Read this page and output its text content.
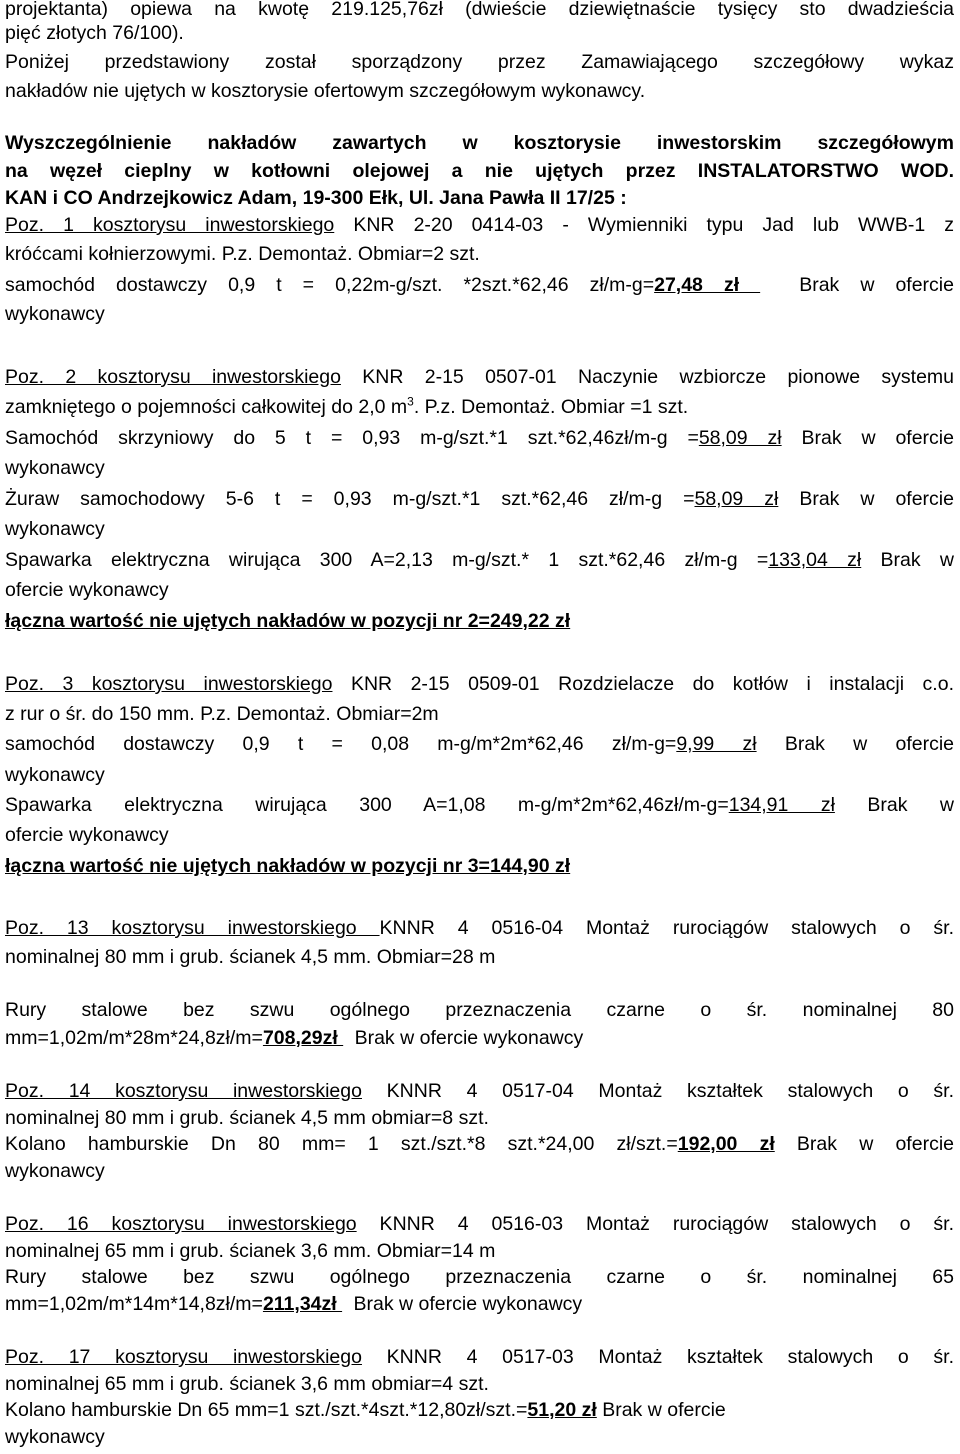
projektanta) opiewa na kwotę 219.125,76zł (dwieście dziewiętnaście tysięcy sto dwadzieścia
pięć złotych 76/100).
Poniżej przedstawiony został sporządzony przez Zamawiającego szczegółowy wykaz
nakładów nie ujętych w kosztorysie ofertowym szczegółowym wykonawcy.
Wyszczególnienie nakładów zawartych w kosztorysie inwestorskim szczegółowym
na węzeł cieplny w kotłowni olejowej a nie ujętych przez INSTALATORSTWO WOD.
KAN i CO Andrzejkowicz Adam, 19-300 Ełk, Ul. Jana Pawła II 17/25 :
Poz. 1 kosztorysu inwestorskiego KNR 2-20 0414-03 - Wymienniki typu Jad lub WWB-1 z
króćcami kołnierzowymi. P.z. Demontaż. Obmiar=2 szt.
samochód dostawczy 0,9 t = 0,22m-g/szt. *2szt.*62,46 zł/m-g=27,48 zł  Brak w ofercie
wykonawcy
Poz. 2 kosztorysu inwestorskiego KNR 2-15 0507-01 Naczynie wzbiorcze pionowe systemu
zamkniętego o pojemności całkowitej do 2,0 $m^3$. P.z. Demontaż. Obmiar =1 szt.
Samochód skrzyniowy do 5 t = 0,93 m-g/szt.*1 szt.*62,46zł/m-g =58,09 zł Brak w ofercie
wykonawcy
Żuraw samochodowy 5-6 t = 0,93 m-g/szt.*1 szt.*62,46 zł/m-g =58,09 zł Brak w ofercie
wykonawcy
Spawarka elektryczna wirująca 300 A=2,13 m-g/szt.* 1 szt.*62,46 zł/m-g =133,04 zł Brak w
ofercie wykonawcy
łączna wartość nie ujętych nakładów w pozycji nr 2=249,22 zł
Poz. 3 kosztorysu inwestorskiego KNR 2-15 0509-01 Rozdzielacze do kotłów i instalacji c.o.
z rur o śr. do 150 mm. P.z. Demontaż. Obmiar=2m
samochód dostawczy 0,9 t = 0,08 m-g/m*2m*62,46 zł/m-g=9,99 zł Brak w ofercie
wykonawcy
Spawarka elektryczna wirująca 300 A=1,08 m-g/m*2m*62,46zł/m-g=134,91 zł Brak w
ofercie wykonawcy
łączna wartość nie ujętych nakładów w pozycji nr 3=144,90 zł
Poz. 13 kosztorysu inwestorskiego KNNR 4 0516-04 Montaż rurociągów stalowych o śr.
nominalnej 80 mm i grub. ścianek 4,5 mm. Obmiar=28 m
Rury stalowe bez szwu ogólnego przeznaczenia czarne o śr. nominalnej 80
mm=1,02m/m*28m*24,8zł/m=708,29zł  Brak w ofercie wykonawcy
Poz. 14 kosztorysu inwestorskiego KNNR 4 0517-04 Montaż kształtek stalowych o śr.
nominalnej 80 mm i grub. ścianek 4,5 mm obmiar=8 szt.
Kolano hamburskie Dn 80 mm= 1 szt./szt.*8 szt.*24,00 zł/szt.=192,00 zł Brak w ofercie
wykonawcy
Poz. 16 kosztorysu inwestorskiego KNNR 4 0516-03 Montaż rurociągów stalowych o śr.
nominalnej 65 mm i grub. ścianek 3,6 mm. Obmiar=14 m
Rury stalowe bez szwu ogólnego przeznaczenia czarne o śr. nominalnej 65
mm=1,02m/m*14m*14,8zł/m=211,34zł  Brak w ofercie wykonawcy
Poz. 17 kosztorysu inwestorskiego KNNR 4 0517-03 Montaż kształtek stalowych o śr.
nominalnej 65 mm i grub. ścianek 3,6 mm obmiar=4 szt.
Kolano hamburskie Dn 65 mm=1 szt./szt.*4szt.*12,80zł/szt.=51,20 zł Brak w ofercie
wykonawcy
